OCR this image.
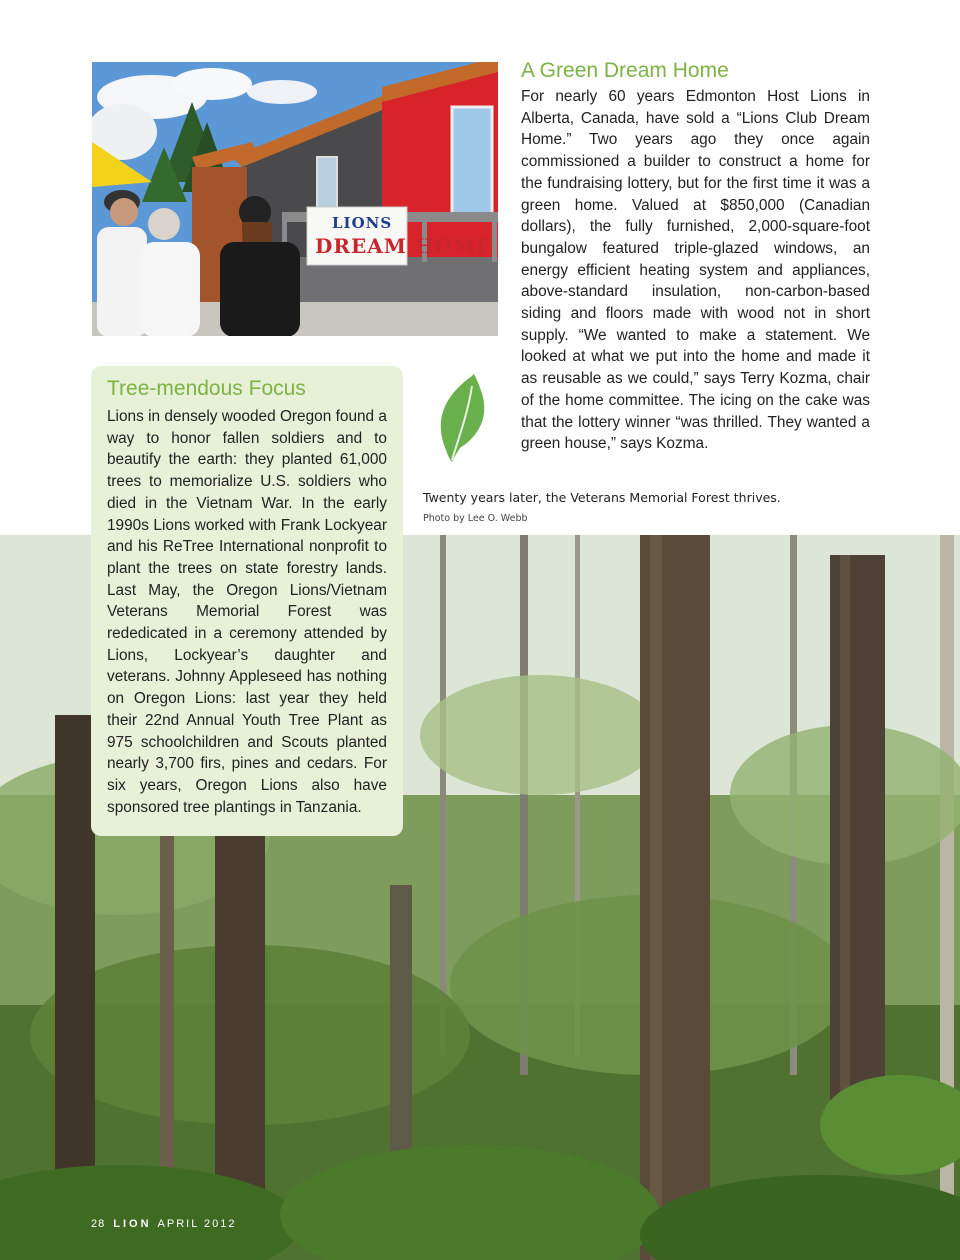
LIONS
DREAM HOME
A Green Dream Home

For nearly 60 years Edmonton Host Lions in Alberta, Canada, have sold a “Lions Club Dream Home.” Two years ago they once again commissioned a builder to construct a home for the fundraising lottery, but for the first time it was a green home. Valued at $850,000 (Canadian dollars), the fully furnished, 2,000-square-foot bungalow featured triple-glazed windows, an energy efficient heating system and appliances, above-standard insulation, non-carbon-based siding and floors made with wood not in short supply. “We wanted to make a statement. We looked at what we put into the home and made it as reusable as we could,” says Terry Kozma, chair of the home committee. The icing on the cake was that the lottery winner “was thrilled. They wanted a green house,” says Kozma.

Twenty years later, the Veterans Memorial Forest thrives.
Photo by Lee O. Webb
Tree-mendous Focus

Lions in densely wooded Oregon found a way to honor fallen soldiers and to beautify the earth: they planted 61,000 trees to memorialize U.S. soldiers who died in the Vietnam War. In the early 1990s Lions worked with Frank Lockyear and his ReTree International nonprofit to plant the trees on state forestry lands. Last May, the Oregon Lions/Vietnam Veterans Memorial Forest was rededicated in a ceremony attended by Lions, Lockyear’s daughter and veterans. Johnny Appleseed has nothing on Oregon Lions: last year they held their 22nd Annual Youth Tree Plant as 975 schoolchildren and Scouts planted nearly 3,700 firs, pines and cedars. For six years, Oregon Lions also have sponsored tree plantings in Tanzania.

28 LION APRIL 2012
